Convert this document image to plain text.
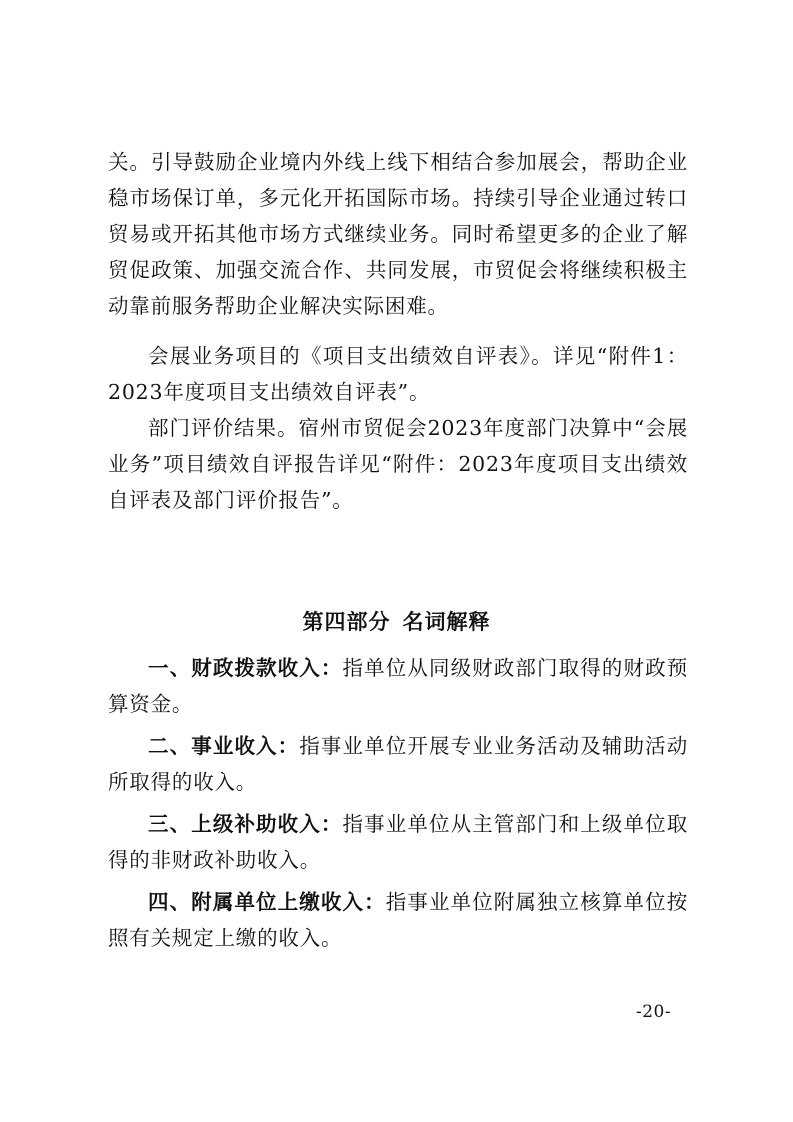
关。引导鼓励企业境内外线上线下相结合参加展会，帮助企业稳市场保订单，多元化开拓国际市场。持续引导企业通过转口贸易或开拓其他市场方式继续业务。同时希望更多的企业了解贸促政策、加强交流合作、共同发展，市贸促会将继续积极主动靠前服务帮助企业解决实际困难。

会展业务项目的《项目支出绩效自评表》。详见“附件1：2023年度项目支出绩效自评表”。

部门评价结果。宿州市贸促会2023年度部门决算中“会展业务”项目绩效自评报告详见“附件：2023年度项目支出绩效自评表及部门评价报告”。

第四部分 名词解释

一、财政拨款收入：指单位从同级财政部门取得的财政预算资金。

二、事业收入：指事业单位开展专业业务活动及辅助活动所取得的收入。

三、上级补助收入：指事业单位从主管部门和上级单位取得的非财政补助收入。

四、附属单位上缴收入：指事业单位附属独立核算单位按照有关规定上缴的收入。

-20-
